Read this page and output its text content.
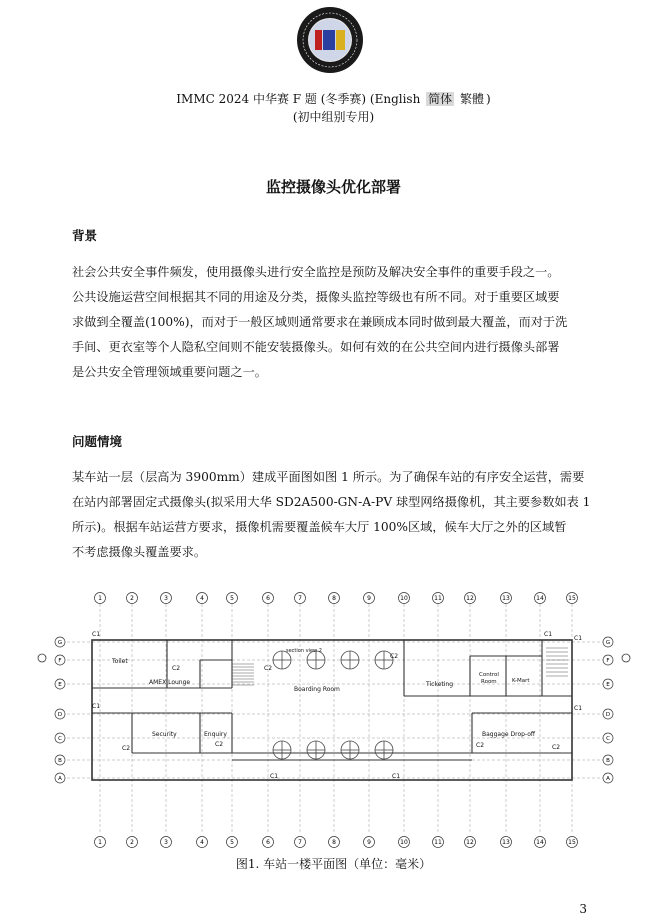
IMMC 2024 中华赛 F 题 (冬季赛) (English 简体 繁體 )
(初中组别专用)
监控摄像头优化部署
背景
社会公共安全事件频发，使用摄像头进行安全监控是预防及解决安全事件的重要手段之一。
公共设施运营空间根据其不同的用途及分类，摄像头监控等级也有所不同。对于重要区域要
求做到全覆盖(100%)，而对于一般区域则通常要求在兼顾成本同时做到最大覆盖，而对于洗
手间、更衣室等个人隐私空间则不能安装摄像头。如何有效的在公共空间内进行摄像头部署
是公共安全管理领域重要问题之一。
问题情境
某车站一层（层高为 3900mm）建成平面图如图 1 所示。为了确保车站的有序安全运营，需要
在站内部署固定式摄像头(拟采用大华 SD2A500-GN-A-PV 球型网络摄像机，其主要参数如表 1
所示)。根据车站运营方要求，摄像机需要覆盖候车大厅 100%区域，候车大厅之外的区域暂
不考虑摄像头覆盖要求。
1
1
2
2
3
3
4
4
5
5
6
6
7
7
8
8
9
9
10
10
11
11
12
12
13
13
14
14
15
15
G	G
F	F
E	E
D	D
C	C
B	B
A	A
Toilet
AMEX Lounge
section view 2
Boarding Room
Ticketing
Control
Room	K-Mart
Security	Enquiry	Baggage Drop-off
C1	C1
C1
C1	C1
C1	C1
C2	C2
C2
C2
C2	C2	C2
图1. 车站一楼平面图（单位：毫米）
3
